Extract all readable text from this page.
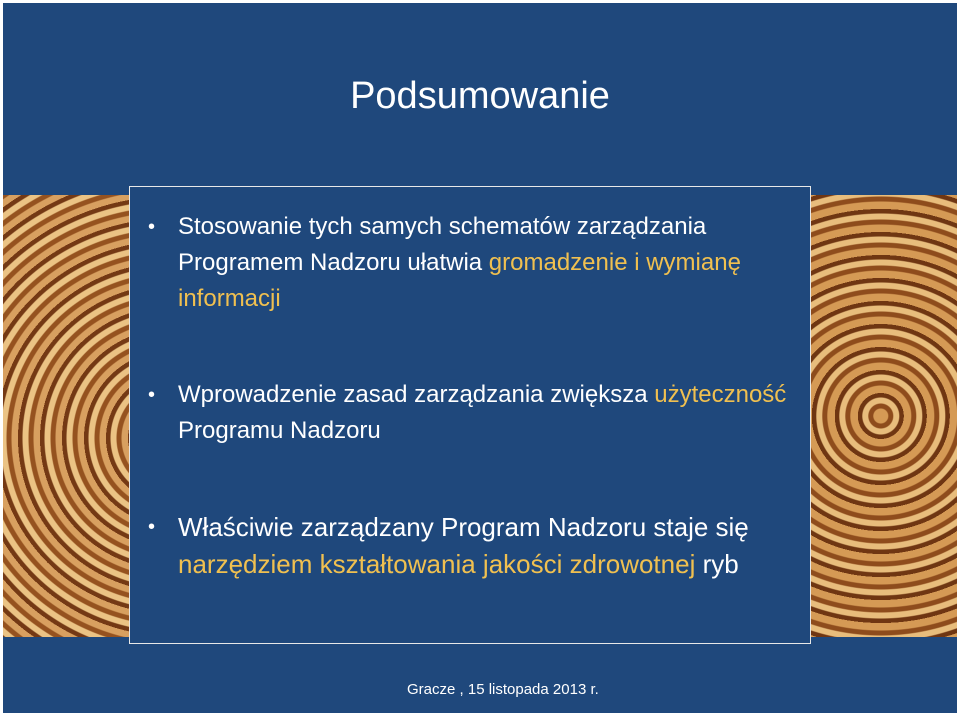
Podsumowanie
• Stosowanie tych samych schematów zarządzania Programem Nadzoru ułatwia gromadzenie i wymianę informacji
• Wprowadzenie zasad zarządzania zwiększa użyteczność Programu Nadzoru
• Właściwie zarządzany Program Nadzoru staje się narzędziem kształtowania jakości zdrowotnej ryb
Gracze , 15 listopada 2013 r.
